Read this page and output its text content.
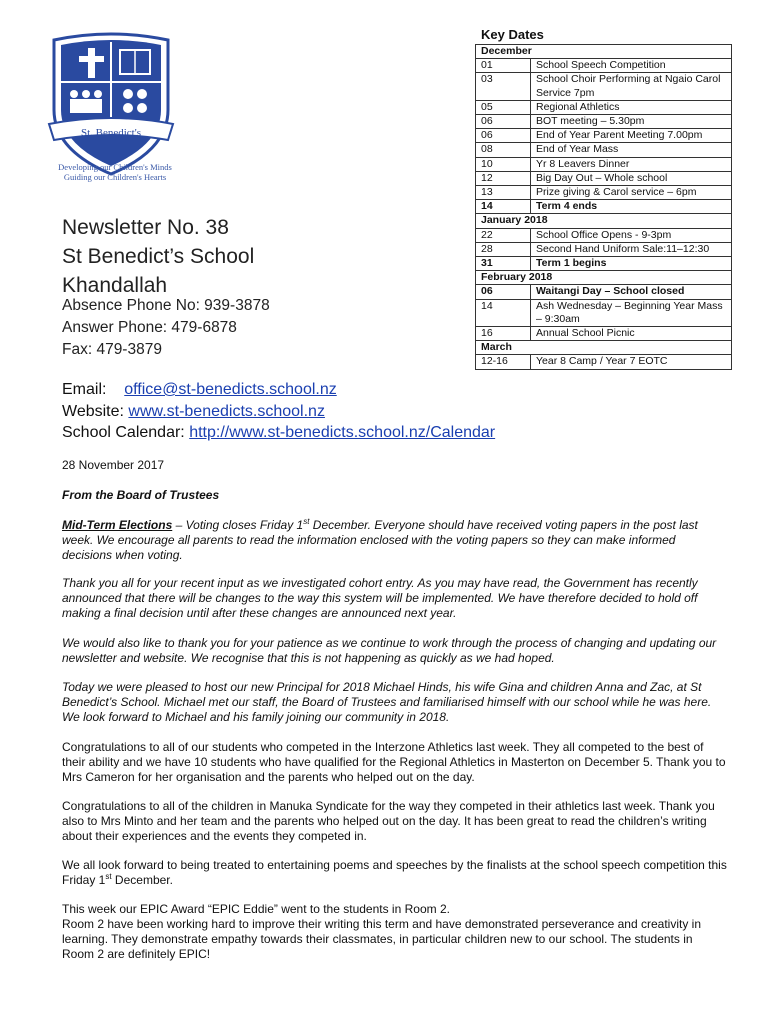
St. Benedict's
Developing our Children's Minds
Guiding our Children's Hearts
Newsletter No. 38
St Benedict’s School
Khandallah
Absence Phone No: 939-3878
Answer Phone: 479-6878
Fax: 479-3879
Key Dates
December	
01	School Speech Competition
03	School Choir Performing at Ngaio Carol Service 7pm
05	Regional Athletics
06	BOT meeting – 5.30pm
06	End of Year Parent Meeting 7.00pm
08	End of Year Mass
10	Yr 8 Leavers Dinner
12	Big Day Out – Whole school
13	Prize giving & Carol service – 6pm
14	Term 4 ends
January 2018	
22	School Office Opens - 9-3pm
28	Second Hand Uniform Sale:11–12:30
31	Term 1 begins
February 2018	
06	Waitangi Day – School closed
14	Ash Wednesday – Beginning Year Mass – 9:30am
16	Annual School Picnic
March	
12-16	Year 8 Camp / Year 7 EOTC
Email: office@st-benedicts.school.nz
Website: www.st-benedicts.school.nz
School Calendar: http://www.st-benedicts.school.nz/Calendar
28 November 2017
From the Board of Trustees
Mid-Term Elections – Voting closes Friday 1st December. Everyone should have received voting papers in the post last week. We encourage all parents to read the information enclosed with the voting papers so they can make informed decisions when voting.
Thank you all for your recent input as we investigated cohort entry. As you may have read, the Government has recently announced that there will be changes to the way this system will be implemented. We have therefore decided to hold off making a final decision until after these changes are announced next year.
We would also like to thank you for your patience as we continue to work through the process of changing and updating our newsletter and website. We recognise that this is not happening as quickly as we had hoped.
Today we were pleased to host our new Principal for 2018 Michael Hinds, his wife Gina and children Anna and Zac, at St Benedict’s School. Michael met our staff, the Board of Trustees and familiarised himself with our school while he was here. We look forward to Michael and his family joining our community in 2018.
Congratulations to all of our students who competed in the Interzone Athletics last week. They all competed to the best of their ability and we have 10 students who have qualified for the Regional Athletics in Masterton on December 5. Thank you to Mrs Cameron for her organisation and the parents who helped out on the day.
Congratulations to all of the children in Manuka Syndicate for the way they competed in their athletics last week. Thank you also to Mrs Minto and her team and the parents who helped out on the day. It has been great to read the children’s writing about their experiences and the events they competed in.
We all look forward to being treated to entertaining poems and speeches by the finalists at the school speech competition this Friday 1st December.
This week our EPIC Award “EPIC Eddie” went to the students in Room 2.
Room 2 have been working hard to improve their writing this term and have demonstrated perseverance and creativity in learning. They demonstrate empathy towards their classmates, in particular children new to our school. The students in Room 2 are definitely EPIC!
